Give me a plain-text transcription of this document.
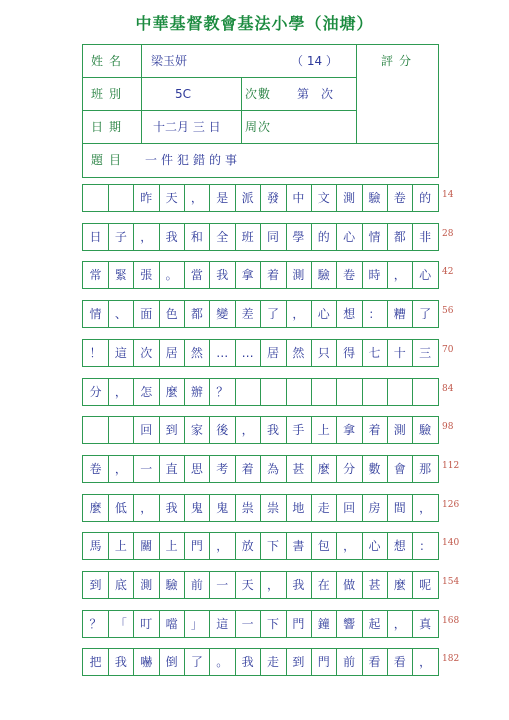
中華基督教會基法小學（油塘）
姓名 梁玉妍	（ 14 ）	評分
班別	5C	次數 第　次
日期 十二月 三 日 周次
題目 一件犯錯的事
昨	天	，	是	派	發	中	文	測	驗	卷	的	14
日	子	，	我	和	全	班	同	學	的	心	情	都	非	28
常	緊	張	。	當	我	拿	着	測	驗	卷	時	，	心	42
情	、	面	色	都	變	差	了	，	心	想	：	糟	了	56
！	這	次	居	然	…	…	居	然	只	得	七	十	三	70
分	，	怎	麼	辦	？	84
回	到	家	後	，	我	手	上	拿	着	測	驗	98
卷	，	一	直	思	考	着	為	甚	麼	分	數	會	那	112
麼	低	，	我	鬼	鬼	祟	祟	地	走	回	房	間	，	126
馬	上	關	上	門	，	放	下	書	包	，	心	想	：	140
到	底	測	驗	前	一	天	，	我	在	做	甚	麼	呢	154
？	「	叮	噹	」	這	一	下	門	鐘	響	起	，	真	168
把	我	嚇	倒	了	。	我	走	到	門	前	看	看	，	182
